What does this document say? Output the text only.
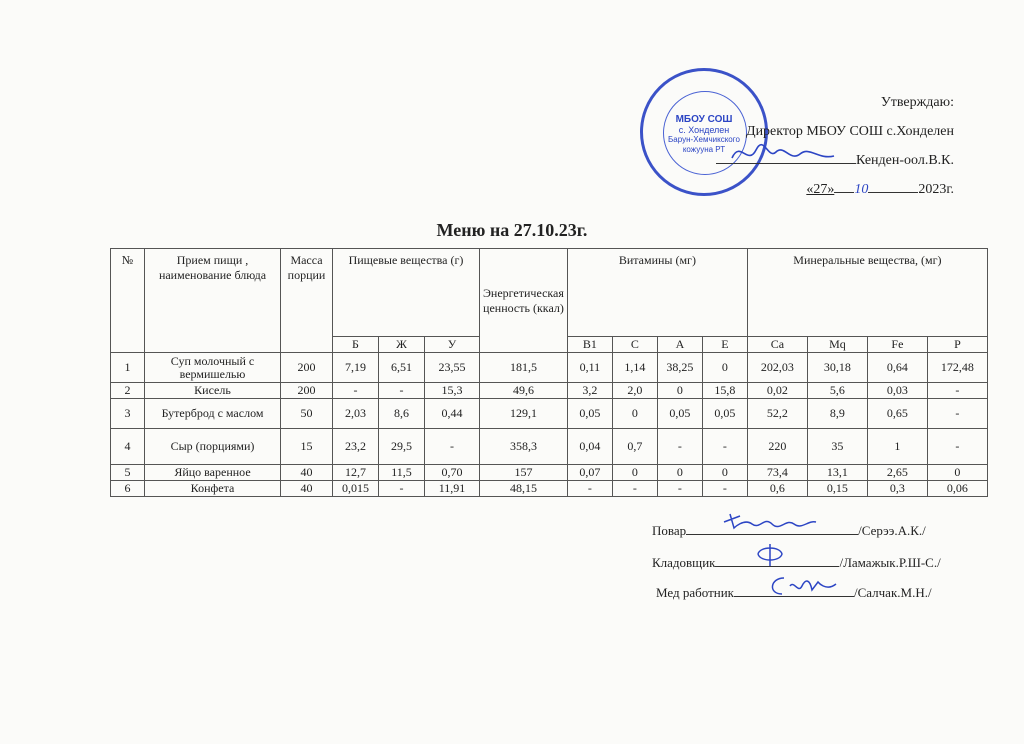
МБОУ СОШ
с. Хонделен
Барун-Хемчикского
кожууна РТ
Утверждаю:
Директор МБОУ СОШ с.Хонделен
Кенден-оол.В.К.
«27» 10	2023г.
Меню на 27.10.23г.
№	Прием пищи , наименование блюда	Масса порции	Пищевые вещества (г)			Энергетическая ценность (ккал)	Витамины (мг)				Минеральные вещества, (мг)			
			Б	Ж	У		B1	C	A	E	Ca	Mq	Fe	P
1	Суп молочный с вермишелью	200	7,19	6,51	23,55	181,5	0,11	1,14	38,25	0	202,03	30,18	0,64	172,48
2	Кисель	200	-	-	15,3	49,6	3,2	2,0	0	15,8	0,02	5,6	0,03	-
3	Бутерброд с маслом	50	2,03	8,6	0,44	129,1	0,05	0	0,05	0,05	52,2	8,9	0,65	-
4	Сыр (порциями)	15	23,2	29,5	-	358,3	0,04	0,7	-	-	220	35	1	-
5	Яйцо варенное	40	12,7	11,5	0,70	157	0,07	0	0	0	73,4	13,1	2,65	0
6	Конфета	40	0,015	-	11,91	48,15	-	-	-	-	0,6	0,15	0,3	0,06
Повар	/Серээ.А.К./
Кладовщик	/Ламажык.Р.Ш-С./
Мед работник	/Салчак.М.Н./
